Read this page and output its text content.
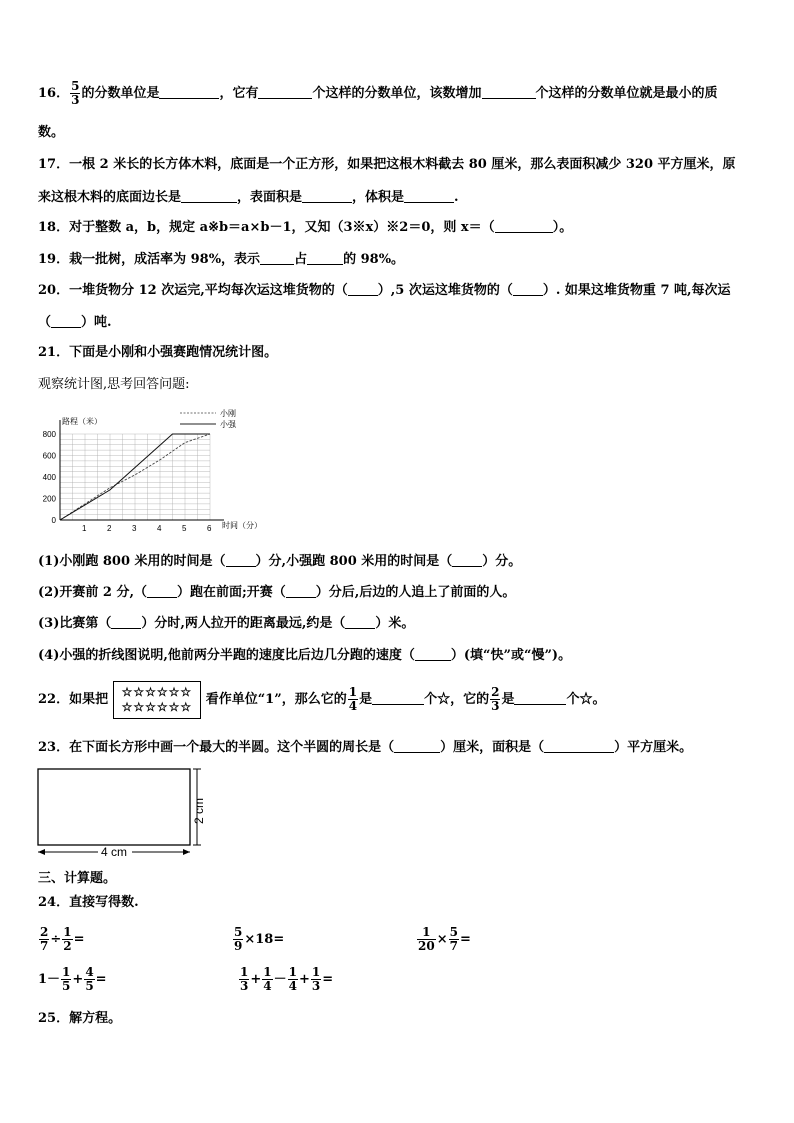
16． $\frac{5}{3}$ 的分数单位是	，它有	个这样的分数单位，该数增加	个这样的分数单位就是最小的质
数。
17．一根 2 米长的长方体木料，底面是一个正方形，如果把这根木料截去 80 厘米，那么表面积减少 320 平方厘米，原
来这根木料的底面边长是	，表面积是	，体积是	.
18．对于整数 a，b，规定 a※b＝a×b－1，又知（3※x）※2＝0，则 x＝（	）。
19．栽一批树，成活率为 98%，表示	占	的 98%。
20．一堆货物分 12 次运完,平均每次运这堆货物的（ ）,5 次运这堆货物的（ ）. 如果这堆货物重 7 吨,每次运
（ ）吨.
21．下面是小刚和小强赛跑情况统计图。
观察统计图,思考回答问题:
1	2	3	4	5	6
0
200
400
600
800
路程（米）
时间（分）
小刚
小强
(1)小刚跑 800 米用的时间是（ ）分,小强跑 800 米用的时间是（ ）分。
(2)开赛前 2 分,（ ）跑在前面;开赛（ ）分后,后边的人追上了前面的人。
(3)比赛第（ ）分时,两人拉开的距离最远,约是（ ）米。
(4)小强的折线图说明,他前两分半跑的速度比后边几分跑的速度（	）(填“快”或“慢”)。
22．如果把 ☆☆☆☆☆☆
☆☆☆☆☆☆ 看作单位“1”，那么它的 $\frac{1}{4}$ 是	个☆，它的 $\frac{2}{3}$ 是	个☆。
23．在下面长方形中画一个最大的半圆。这个半圆的周长是（	）厘米，面积是（	）平方厘米。
2 cm
4 cm
三、计算题。
24．直接写得数.
$\frac{2}{7} \div \frac{1}{2}$ =	$\frac{5}{9} \times 18=$	$\frac{1}{20} \times \frac{5}{7}$ =
$1- \frac{1}{5} + \frac{4}{5}$ =	$\frac{1}{3} + \frac{1}{4} - \frac{1}{4} + \frac{1}{3}$ =
25．解方程。
